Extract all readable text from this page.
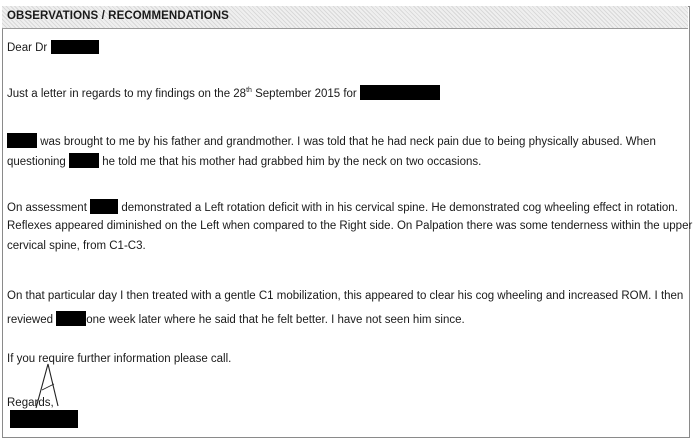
OBSERVATIONS / RECOMMENDATIONS
Dear Dr
Just a letter in regards to my findings on the 28th September 2015 for
was brought to me by his father and grandmother. I was told that he had neck pain due to being physically abused. When
questioning	he told me that his mother had grabbed him by the neck on two occasions.
On assessment	demonstrated a Left rotation deficit with in his cervical spine. He demonstrated cog wheeling effect in rotation.
Reflexes appeared diminished on the Left when compared to the Right side. On Palpation there was some tenderness within the upper
cervical spine, from C1-C3.
On that particular day I then treated with a gentle C1 mobilization, this appeared to clear his cog wheeling and increased ROM. I then
reviewed	one week later where he said that he felt better. I have not seen him since.
If you require further information please call.
Regards,
